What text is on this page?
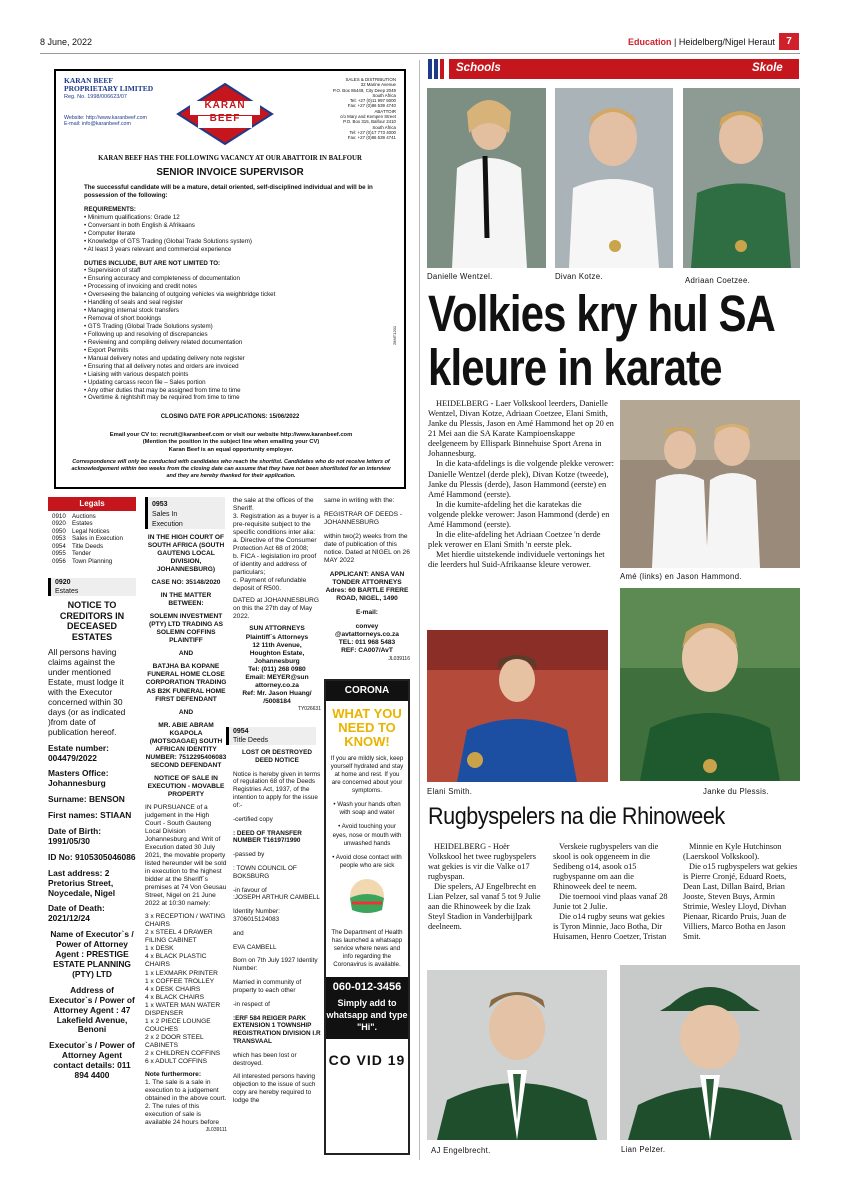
8 June, 2022	Education | Heidelberg/Nigel Heraut	7
KARAN BEEF
PROPRIETARY LIMITED
Reg. No. 1998/006623/07
Website: http://www.karanbeef.com
E-mail: info@karanbeef.com
KARAN BEEF
SALES & DISTRIBUTION
32 Marine Avenue
P.O. Box 86449, City Deep 2049
South Africa
Tel: +27 (0)11 997 5000
Fax: +27 (0)86 539 4740
ABATTOIR
c/o Mary and Kempen Street
P.O. Box 315, Balfour 2410
South Africa
Tel: +27 (0)17 773 4000
Fax: +27 (0)86 539 4741
KARAN BEEF HAS THE FOLLOWING VACANCY AT OUR ABATTOIR IN BALFOUR
SENIOR INVOICE SUPERVISOR

The successful candidate will be a mature, detail oriented, self-disciplined individual and will be in possession of the following:

REQUIREMENTS:
• Minimum qualifications: Grade 12
• Conversant in both English & Afrikaans
• Computer literate
• Knowledge of GTS Trading (Global Trade Solutions system)
• At least 3 years relevant and commercial experience

DUTIES INCLUDE, BUT ARE NOT LIMITED TO:
• Supervision of staff
• Ensuring accuracy and completeness of documentation
• Processing of invoicing and credit notes
• Overseeing the balancing of outgoing vehicles via weighbridge ticket
• Handling of seals and seal register
• Managing internal stock transfers
• Removal of short bookings
• GTS Trading (Global Trade Solutions system)
• Following up and resolving of discrepancies
• Reviewing and compiling delivery related documentation
• Export Permits
• Manual delivery notes and updating delivery note register
• Ensuring that all delivery notes and orders are invoiced
• Liaising with various despatch points
• Updating carcass recon file – Sales portion
• Any other duties that may be assigned from time to time
• Overtime & nightshift may be required from time to time

28MT1201
CLOSING DATE FOR APPLICATIONS: 15/06/2022
Email your CV to: recruit@karanbeef.com or visit our website http://www.karanbeef.com
(Mention the position in the subject line when emailing your CV)
Karan Beef is an equal opportunity employer.
Correspondence will only be conducted with candidates who reach the shortlist. Candidates who do not receive letters of acknowledgement within two weeks from the closing date can assume that they have not been shortlisted for an interview and they are hereby thanked for their application.
Legals
0910 Auctions
0920 Estates
0950 Legal Notices
0953 Sales in Execution
0954 Title Deeds
0955 Tender
0956 Town Planning
0920
Estates
NOTICE TO CREDITORS IN DECEASED ESTATES

All persons having claims against the under mentioned Estate, must lodge it with the Executor concerned within 30 days (or as indicated )from date of publication hereof.

Estate number: 004479/2022

Masters Office: Johannesburg

Surname: BENSON

First names: STIAAN

Date of Birth: 1991/05/30

ID No: 9105305046086

Last address: 2 Pretorius Street, Noycedale, Nigel

Date of Death: 2021/12/24

Name of Executor`s / Power of Attorney Agent : PRESTIGE ESTATE PLANNING (PTY) LTD

Address of Executor`s / Power of Attorney Agent : 47 Lakefield Avenue, Benoni

Executor`s / Power of Attorney Agent contact details: 011 894 4400

0953
Sales In
Execution

IN THE HIGH COURT OF SOUTH AFRICA (SOUTH GAUTENG LOCAL DIVISION, JOHANNESBURG)

CASE NO: 35148/2020

IN THE MATTER BETWEEN:

SOLEMN INVESTMENT (PTY) LTD TRADING AS SOLEMN COFFINS PLAINTIFF

AND

BATJHA BA KOPANE FUNERAL HOME CLOSE CORPORATION TRADING AS B2K FUNERAL HOME FIRST DEFENDANT

AND

MR. ABIE ABRAM KGAPOLA (MOTSOAGAE) SOUTH AFRICAN IDENTITY NUMBER: 7512295406083 SECOND DEFENDANT

NOTICE OF SALE IN EXECUTION - MOVABLE PROPERTY

IN PURSUANCE of a judgement in the High Court - South Gauteng Local Division Johannesburg and Writ of Execution dated 30 July 2021, the movable property listed hereunder will be sold in execution to the highest bidder at the Sheriff`s premises at 74 Von Geusau Street, Nigel on 21 June 2022 at 10:30 namely:

3 x RECEPTION / WATING CHAIRS
2 x STEEL 4 DRAWER FILING CABINET
1 x DESK
4 x BLACK PLASTIC CHAIRS
1 x LEXMARK PRINTER
1 x COFFEE TROLLEY
4 x DESK CHAIRS
4 x BLACK CHAIRS
1 x WATER MAN WATER DISPENSER
1 x 2 PIECE LOUNGE COUCHES
2 x 2 DOOR STEEL CABINETS
2 x CHILDREN COFFINS
6 x ADULT COFFINS

Note furthermore:

1. The sale is a sale in execution to a judgement obtained in the above court.
2. The rules of this execution of sale is available 24 hours before

JL039111

the sale at the offices of the Sheriff.
3. Registration as a buyer is a pre-requisite subject to the specific conditions inter alia:
a. Directive of the Consumer Protection Act 68 of 2008;
b. FICA - legislation iro proof of identity and address of particulars;
c. Payment of refundable deposit of R500.

DATED at JOHANNESBURG on this the 27th day of May 2022.

SUN ATTORNEYS
Plaintiff`s Attorneys
12 11th Avenue,
Houghton Estate,
Johannesburg
Tel: (011) 268 0980
Email: MEYER@sun attorney.co.za
Ref: Mr. Jason Huang/ /5008184

TY026631
0954
Title Deeds

LOST OR DESTROYED DEED NOTICE

Notice is hereby given in terms of regulation 68 of the Deeds Registries Act, 1937, of the intention to apply for the issue of:-

-certified copy

: DEED OF TRANSFER NUMBER T16197/1990

-passed by

: TOWN COUNCIL OF BOKSBURG

-in favour of
:JOSEPH ARTHUR CAMBELL

Identity Number: 3706015124083

and

EVA CAMBELL

Born on 7th July 1927 Identity Number:

Married in community of property to each other

-in respect of

:ERF 584 REIGER PARK EXTENSION 1 TOWNSHIP REGISTRATION DIVISION I.R TRANSVAAL

which has been lost or destroyed.

All interested persons having objection to the issue of such copy are hereby required to lodge the

same in writing with the:

REGISTRAR OF DEEDS - JOHANNESBURG

within two(2) weeks from the date of publication of this notice. Dated at NIGEL on 26 MAY 2022

APPLICANT: ANSA VAN TONDER ATTORNEYS Adres: 60 BARTLE FRERE ROAD, NIGEL, 1490

E-mail:

convey @avtattorneys.co.za
TEL: 011 968 5483
REF: CA007/AvT

JL039116
CORONA
WHAT YOU NEED TO KNOW!

If you are mildly sick, keep yourself hydrated and stay at home and rest. If you are concerned about your symptoms.

• Wash your hands often with soap and water

• Avoid touching your eyes, nose or mouth with unwashed hands

• Avoid close contact with people who are sick

The Department of Health has launched a whatsapp service where news and info regarding the Coronavirus is available.

060-012-3456
Simply add to whatsapp and type "Hi".
CO VID 19
Schools	Skole
Danielle Wentzel.	Divan Kotze.	Adriaan Coetzee.
Volkies kry hul SA kleure in karate

HEIDELBERG - Laer Volkskool leerders, Danielle Wentzel, Divan Kotze, Adriaan Coetzee, Elani Smith, Janke du Plessis, Jason en Amé Hammond het op 20 en 21 Mei aan die SA Karate Kampioenskappe deelgeneem by Ellispark Binnehuise Sport Arena in Johannesburg.

In die kata-afdelings is die volgende plekke verower: Danielle Wentzel (derde plek), Divan Kotze (tweede), Janke du Plessis (derde), Jason Hammond (eerste) en Amé Hammond (eerste).

In die kumite-afdeling het die karatekas die volgende plekke verower: Jason Hammond (derde) en Amé Hammond (eerste).

In die elite-afdeling het Adriaan Coetzee 'n derde plek verower en Elani Smith 'n eerste plek.

Met hierdie uitstekende individuele vertonings het die leerders hul Suid-Afrikaanse kleure verower.

Amé (links) en Jason Hammond.
Elani Smith.	Janke du Plessis.
Rugbyspelers na die Rhinoweek

HEIDELBERG - Hoër Volkskool het twee rugbyspelers wat gekies is vir die Valke o17 rugbyspan.

Die spelers, AJ Engelbrecht en Lian Pelzer, sal vanaf 5 tot 9 Julie aan die Rhinoweek by die Izak Steyl Stadion in Vanderbijlpark deelneem.

Verskeie rugbyspelers van die skool is ook opgeneem in die Sedibeng o14, asook o15 rugbyspanne om aan die Rhinoweek deel te neem.

Die toernooi vind plaas vanaf 28 Junie tot 2 Julie.

Die o14 rugby seuns wat gekies is Tyron Minnie, Jaco Botha, Dir Huisamen, Henro Coetzer, Tristan

Minnie en Kyle Hutchinson (Laerskool Volkskool).

Die o15 rugbyspelers wat gekies is Pierre Cronjé, Eduard Roets, Dean Last, Dillan Baird, Brian Jooste, Steven Buys, Armin Strimie, Wesley Lloyd, Divhan Pienaar, Ricardo Pruis, Juan de Villiers, Marco Botha en Jason Smit.

AJ Engelbrecht.	Lian Pelzer.
